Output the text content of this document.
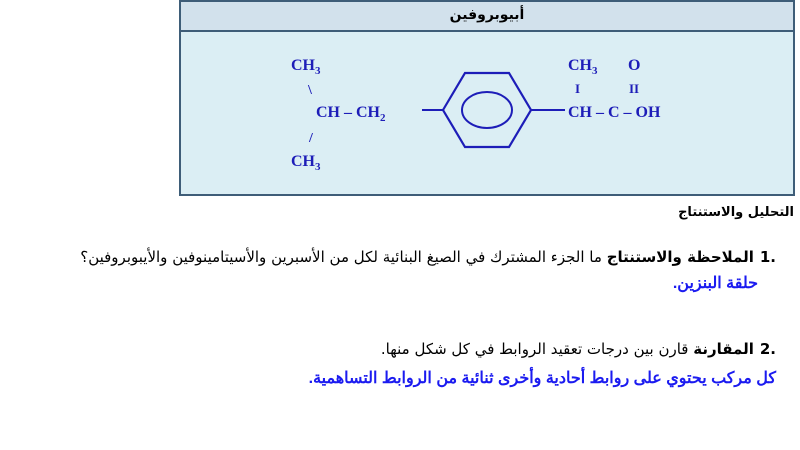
أبيوبروفين
$CH_3$
\
CH – $CH_2$
/
$CH_3$
$CH_3$ O
I	II
CH – C – OH
التحليل والاستنتاج
.1الملاحظة والاستنتاج ما الجزء المشترك في الصيغ البنائية لكل من الأسبرين والأسيتامينوفين والأيبوبروفين؟ حلقة البنزين.
.2المقارنة قارن بين درجات تعقيد الروابط في كل شكل منها.
كل مركب يحتوي على روابط أحادية وأخرى ثنائية من الروابط التساهمية.
